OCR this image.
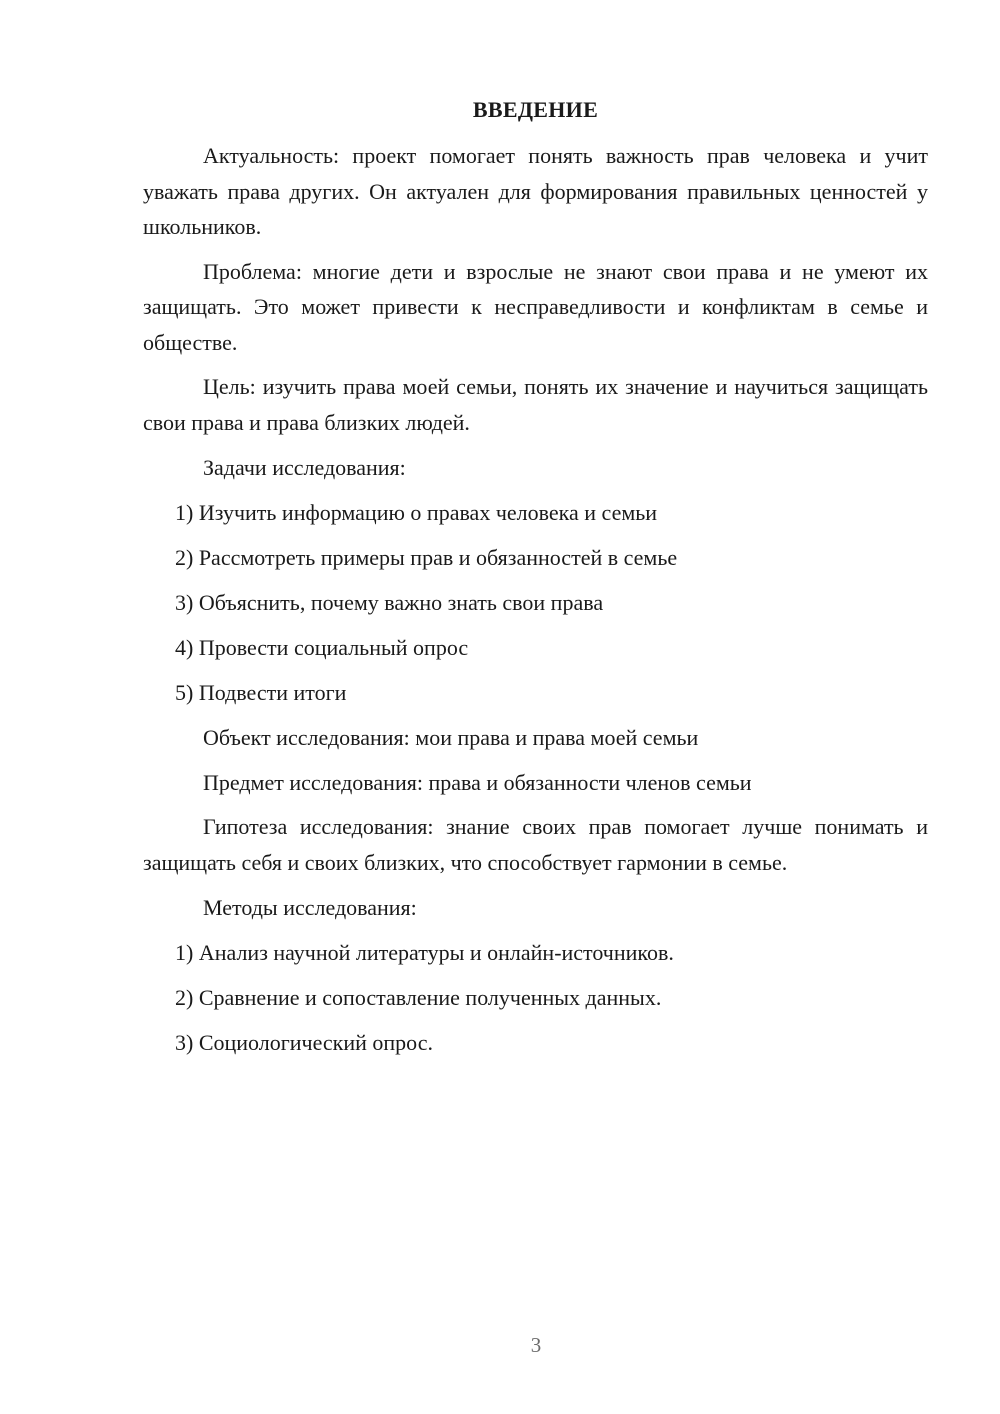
ВВЕДЕНИЕ

Актуальность: проект помогает понять важность прав человека и учит уважать права других. Он актуален для формирования правильных ценностей у школьников.

Проблема: многие дети и взрослые не знают свои права и не умеют их защищать. Это может привести к несправедливости и конфликтам в семье и обществе.

Цель: изучить права моей семьи, понять их значение и научиться защищать свои права и права близких людей.

Задачи исследования:

1) Изучить информацию о правах человека и семьи

2) Рассмотреть примеры прав и обязанностей в семье

3) Объяснить, почему важно знать свои права

4) Провести социальный опрос

5) Подвести итоги

Объект исследования: мои права и права моей семьи

Предмет исследования: права и обязанности членов семьи

Гипотеза исследования: знание своих прав помогает лучше понимать и защищать себя и своих близких, что способствует гармонии в семье.

Методы исследования:

1) Анализ научной литературы и онлайн-источников.

2) Сравнение и сопоставление полученных данных.

3) Социологический опрос.

3
